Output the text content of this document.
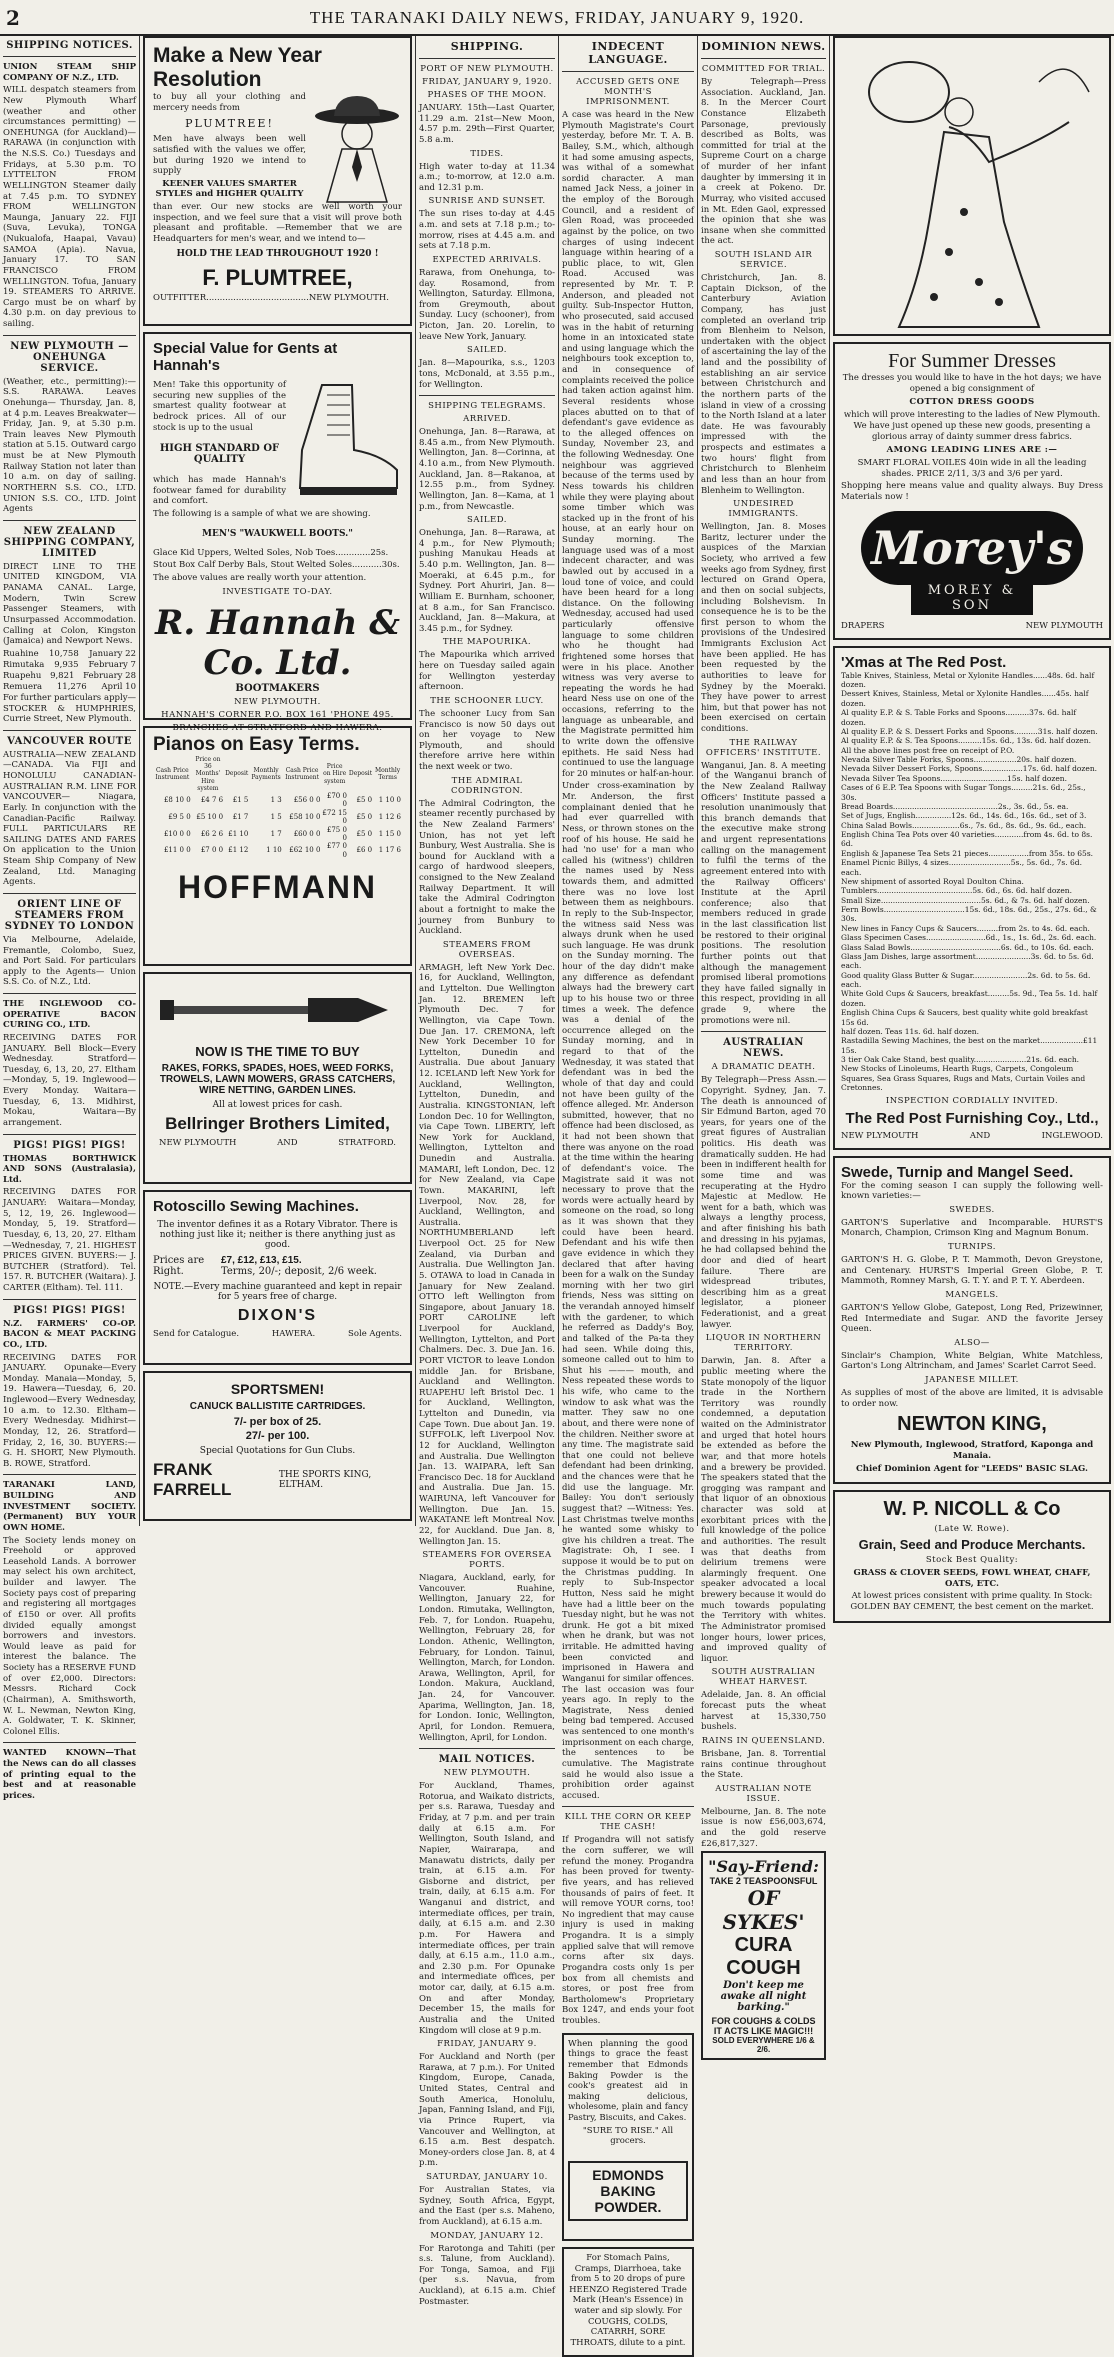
2	THE TARANAKI DAILY NEWS, FRIDAY, JANUARY 9, 1920.
SHIPPING NOTICES.

UNION STEAM SHIP COMPANY OF N.Z., LTD.

WILL despatch steamers from New Plymouth Wharf (weather and other circumstances permitting) — ONEHUNGA (for Auckland)— RARAWA (in conjunction with the N.S.S. Co.) Tuesdays and Fridays, at 5.30 p.m. TO LYTTELTON FROM WELLINGTON Steamer daily at 7.45 p.m. TO SYDNEY FROM WELLINGTON Maunga, January 22. FIJI (Suva, Levuka), TONGA (Nukualofa, Haapai, Vavau) SAMOA (Apia). Navua, January 17. TO SAN FRANCISCO FROM WELLINGTON. Tofua, January 19. STEAMERS TO ARRIVE. Cargo must be on wharf by 4.30 p.m. on day previous to sailing.

NEW PLYMOUTH — ONEHUNGA SERVICE.

(Weather, etc., permitting):— S.S. RARAWA. Leaves Onehunga— Thursday, Jan. 8, at 4 p.m. Leaves Breakwater— Friday, Jan. 9, at 5.30 p.m. Train leaves New Plymouth station at 5.15. Outward cargo must be at New Plymouth Railway Station not later than 10 a.m. on day of sailing. NORTHERN S.S. CO., LTD. UNION S.S. CO., LTD. Joint Agents

NEW ZEALAND SHIPPING COMPANY, LIMITED

DIRECT LINE TO THE UNITED KINGDOM, VIA PANAMA CANAL. Large, Modern, Twin Screw Passenger Steamers, with Unsurpassed Accommodation. Calling at Colon, Kingston (Jamaica) and Newport News.

Ruahine 10,758 January 22
Rimutaka 9,935 February 7
Ruapehu 9,821 February 28
Remuera 11,276 April 10

For further particulars apply— STOCKER & HUMPHRIES, Currie Street, New Plymouth.

VANCOUVER ROUTE

AUSTRALIA—NEW ZEALAND—CANADA. Via FIJI and HONOLULU CANADIAN-AUSTRALIAN R.M. LINE FOR VANCOUVER— Niagara, Early. In conjunction with the Canadian-Pacific Railway. FULL PARTICULARS RE SAILING DATES AND FARES On application to the Union Steam Ship Company of New Zealand, Ltd. Managing Agents.

ORIENT LINE OF STEAMERS FROM SYDNEY TO LONDON

Via Melbourne, Adelaide, Fremantle, Colombo, Suez, and Port Said. For particulars apply to the Agents— Union S.S. Co. of N.Z., Ltd.

THE INGLEWOOD CO-OPERATIVE BACON CURING CO., LTD.

RECEIVING DATES FOR JANUARY. Bell Block—Every Wednesday. Stratford—Tuesday, 6, 13, 20, 27. Eltham—Monday, 5, 19. Inglewood—Every Monday. Waitara—Tuesday, 6, 13. Midhirst, Mokau, Waitara—By arrangement.

PIGS! PIGS! PIGS!

THOMAS BORTHWICK AND SONS (Australasia), Ltd.

RECEIVING DATES FOR JANUARY: Waitara—Monday, 5, 12, 19, 26. Inglewood—Monday, 5, 19. Stratford—Tuesday, 6, 13, 20, 27. Eltham—Wednesday, 7, 21. HIGHEST PRICES GIVEN. BUYERS:— J. BUTCHER (Stratford). Tel. 157. R. BUTCHER (Waitara). J. CARTER (Eltham). Tel. 111.

PIGS! PIGS! PIGS!

N.Z. FARMERS' CO-OP. BACON & MEAT PACKING CO., LTD.

RECEIVING DATES FOR JANUARY. Opunake—Every Monday. Manaia—Monday, 5, 19. Hawera—Tuesday, 6, 20. Inglewood—Every Wednesday, 10 a.m. to 12.30. Eltham—Every Wednesday. Midhirst—Monday, 12, 26. Stratford—Friday, 2, 16, 30. BUYERS:— G. H. SHORT, New Plymouth. B. ROWE, Stratford.

TARANAKI LAND, BUILDING AND INVESTMENT SOCIETY. (Permanent) BUY YOUR OWN HOME.

The Society lends money on Freehold or approved Leasehold Lands. A borrower may select his own architect, builder and lawyer. The Society pays cost of preparing and registering all mortgages of £150 or over. All profits divided equally amongst borrowers and investors. Would leave as paid for interest the balance. The Society has a RESERVE FUND of over £2,000. Directors: Messrs. Richard Cock (Chairman), A. Smithsworth, W. L. Newman, Newton King, A. Goldwater, T. K. Skinner, Colonel Ellis.

WANTED KNOWN—That the News can do all classes of printing equal to the best and at reasonable prices.

Make a New Year Resolution

to buy all your clothing and mercery needs from

PLUMTREE!

Men have always been well satisfied with the values we offer, but during 1920 we intend to supply

KEENER VALUES SMARTER STYLES and HIGHER QUALITY

than ever. Our new stocks are well worth your inspection, and we feel sure that a visit will prove both pleasant and profitable. —Remember that we are Headquarters for men's wear, and we intend to—

HOLD THE LEAD THROUGHOUT 1920 !

F. PLUMTREE,

OUTFITTER......................................NEW PLYMOUTH.

Special Value for Gents at Hannah's

Men! Take this opportunity of securing new supplies of the smartest quality footwear at bedrock prices. All of our stock is up to the usual

HIGH STANDARD OF QUALITY

which has made Hannah's footwear famed for durability and comfort.

The following is a sample of what we are showing.

MEN'S "WAUKWELL BOOTS."

Glace Kid Uppers, Welted Soles, Nob Toes.............25s.

Stout Box Calf Derby Bals, Stout Welted Soles...........30s.

The above values are really worth your attention.

INVESTIGATE TO-DAY.

R. Hannah & Co. Ltd.

BOOTMAKERS

NEW PLYMOUTH.

HANNAH'S CORNER P.O. BOX 161 'PHONE 495.

BRANCHES AT STRATFORD AND HAWERA.

Pianos on Easy Terms.
Cash Price Instrument	Price on 36 Months' Hire system	Deposit	Monthly Payments	Cash Price Instrument	Price on Hire system	Deposit	Monthly Terms
£8 10 0	£4 7 6	£1 5	1 3	£56 0 0	£70 0 0	£5 0	1 10 0
£9 5 0	£5 10 0	£1 7	1 5	£58 10 0	£72 15 0	£5 0	1 12 6
£10 0 0	£6 2 6	£1 10	1 7	£60 0 0	£75 0 0	£5 0	1 15 0
£11 0 0	£7 0 0	£1 12	1 10	£62 10 0	£77 0 0	£6 0	1 17 6

HOFFMANN

NOW IS THE TIME TO BUY

RAKES, FORKS, SPADES, HOES, WEED FORKS, TROWELS, LAWN MOWERS, GRASS CATCHERS, WIRE NETTING, GARDEN LINES.

All at lowest prices for cash.

Bellringer Brothers Limited,

NEW PLYMOUTH	AND	STRATFORD.
Rotoscillo Sewing Machines.

The inventor defines it as a Rotary Vibrator. There is nothing just like it; neither is there anything just as good.

Prices are Right.
£7, £12, £13, £15.
Terms, 20/-; deposit, 2/6 week.

NOTE.—Every machine guaranteed and kept in repair for 5 years free of charge.

DIXON'S

Send for Catalogue.	HAWERA.	Sole Agents.

SPORTSMEN!

CANUCK BALLISTITE CARTRIDGES.

7/- per box of 25.

27/- per 100.

Special Quotations for Gun Clubs.

FRANK FARRELL
THE SPORTS KING, ELTHAM.
SHIPPING.

PORT OF NEW PLYMOUTH.

FRIDAY, JANUARY 9, 1920.

PHASES OF THE MOON.

JANUARY. 15th—Last Quarter, 11.29 a.m. 21st—New Moon, 4.57 p.m. 29th—First Quarter, 5.8 a.m.

TIDES.

High water to-day at 11.34 a.m.; to-morrow, at 12.0 a.m. and 12.31 p.m.

SUNRISE AND SUNSET.

The sun rises to-day at 4.45 a.m. and sets at 7.18 p.m.; to-morrow, rises at 4.45 a.m. and sets at 7.18 p.m.

EXPECTED ARRIVALS.

Rarawa, from Onehunga, to-day. Rosamond, from Wellington, Saturday. Ellmona, from Greymouth, about Sunday. Lucy (schooner), from Picton, Jan. 20. Lorelin, to leave New York, January.

SAILED.

Jan. 8—Mapourika, s.s., 1203 tons, McDonald, at 3.55 p.m., for Wellington.

SHIPPING TELEGRAMS.

ARRIVED.

Onehunga, Jan. 8—Rarawa, at 8.45 a.m., from New Plymouth. Wellington, Jan. 8—Corinna, at 4.10 a.m., from New Plymouth. Auckland, Jan. 8—Rakanoa, at 12.55 p.m., from Sydney. Wellington, Jan. 8—Kama, at 1 p.m., from Newcastle.

SAILED.

Onehunga, Jan. 8—Rarawa, at 4 p.m., for New Plymouth; pushing Manukau Heads at 5.40 p.m. Wellington, Jan. 8—Moeraki, at 6.45 p.m., for Sydney. Port Ahuriri, Jan. 8—William E. Burnham, schooner, at 8 a.m., for San Francisco. Auckland, Jan. 8—Makura, at 3.45 p.m., for Sydney.

THE MAPOURIKA.

The Mapourika which arrived here on Tuesday sailed again for Wellington yesterday afternoon.

THE SCHOONER LUCY.

The schooner Lucy from San Francisco is now 50 days out on her voyage to New Plymouth, and should therefore arrive here within the next week or two.

THE ADMIRAL CODRINGTON.

The Admiral Codrington, the steamer recently purchased by the New Zealand Farmers' Union, has not yet left Bunbury, West Australia. She is bound for Auckland with a cargo of hardwood sleepers, consigned to the New Zealand Railway Department. It will take the Admiral Codrington about a fortnight to make the journey from Bunbury to Auckland.

STEAMERS FROM OVERSEAS.

ARMAGH, left New York Dec. 16, for Auckland, Wellington, and Lyttelton. Due Wellington Jan. 12. BREMEN left Plymouth Dec. 7 for Wellington, via Cape Town. Due Jan. 17. CREMONA, left New York December 10 for Lyttelton, Dunedin and Australia. Due about January 12. ICELAND left New York for Auckland, Wellington, Lyttelton, Dunedin, and Australia. KINGSTONIAN, left London Dec. 10 for Wellington, via Cape Town. LIBERTY, left New York for Auckland, Wellington, Lyttelton and Dunedin and Australia. MAMARI, left London, Dec. 12 for New Zealand, via Cape Town. MAKARINI, left Liverpool, Nov. 28, for Auckland, Wellington, and Australia. NORTHUMBERLAND left Liverpool Oct. 25 for New Zealand, via Durban and Australia. Due Wellington Jan. 5. OTAWA to load in Canada in January for New Zealand. OTTO left Wellington from Singapore, about January 18. PORT CAROLINE left Liverpool for Auckland, Wellington, Lyttelton, and Port Chalmers. Dec. 3. Due Jan. 16. PORT VICTOR to leave London middle Jan. for Brisbane, Auckland and Wellington. RUAPEHU left Bristol Dec. 1 for Auckland, Wellington, Lyttelton and Dunedin, via Cape Town. Due about Jan. 19. SUFFOLK, left Liverpool Nov. 12 for Auckland, Wellington and Australia. Due Wellington Jan. 13. WAIPARA, left San Francisco Dec. 18 for Auckland and Australia. Due Jan. 15. WAIRUNA, left Vancouver for Wellington. Due Jan. 15. WAKATANE left Montreal Nov. 22, for Auckland. Due Jan. 8, Wellington Jan. 15.

STEAMERS FOR OVERSEA PORTS.

Niagara, Auckland, early, for Vancouver. Ruahine, Wellington, January 22, for London. Rimutaka, Wellington, Feb. 7, for London. Ruapehu, Wellington, February 28, for London. Athenic, Wellington, February, for London. Tainui, Wellington, March, for London. Arawa, Wellington, April, for London. Makura, Auckland, Jan. 24, for Vancouver. Aparima, Wellington, Jan. 18, for London. Ionic, Wellington, April, for London. Remuera, Wellington, April, for London.

MAIL NOTICES.

NEW PLYMOUTH.

For Auckland, Thames, Rotorua, and Waikato districts, per s.s. Rarawa, Tuesday and Friday, at 7 p.m. and per train daily at 6.15 a.m. For Wellington, South Island, and Napier, Wairarapa, and Manawatu districts, daily per train, at 6.15 a.m. For Gisborne and district, per train, daily, at 6.15 a.m. For Wanganui and district, and intermediate offices, per train, daily, at 6.15 a.m. and 2.30 p.m. For Hawera and intermediate offices, per train daily, at 6.15 a.m., 11.0 a.m., and 2.30 p.m. For Opunake and intermediate offices, per motor car, daily, at 6.15 a.m. On and after Monday, December 15, the mails for Australia and the United Kingdom will close at 9 p.m.

FRIDAY, JANUARY 9.

For Auckland and North (per Rarawa, at 7 p.m.). For United Kingdom, Europe, Canada, United States, Central and South America, Honolulu, Japan, Fanning Island, and Fiji, via Prince Rupert, via Vancouver and Wellington, at 6.15 a.m. Best despatch. Money-orders close Jan. 8, at 4 p.m.

SATURDAY, JANUARY 10.

For Australian States, via Sydney, South Africa, Egypt, and the East (per s.s. Maheno, from Auckland), at 6.15 a.m.

MONDAY, JANUARY 12.

For Rarotonga and Tahiti (per s.s. Talune, from Auckland). For Tonga, Samoa, and Fiji (per s.s. Navua, from Auckland), at 6.15 a.m. Chief Postmaster.

INDECENT LANGUAGE.

ACCUSED GETS ONE MONTH'S IMPRISONMENT.

A case was heard in the New Plymouth Magistrate's Court yesterday, before Mr. T. A. B. Bailey, S.M., which, although it had some amusing aspects, was withal of a somewhat sordid character. A man named Jack Ness, a joiner in the employ of the Borough Council, and a resident of Glen Road, was proceeded against by the police, on two charges of using indecent language within hearing of a public place, to wit, Glen Road. Accused was represented by Mr. T. P. Anderson, and pleaded not guilty. Sub-Inspector Hutton, who prosecuted, said accused was in the habit of returning home in an intoxicated state and using language which the neighbours took exception to, and in consequence of complaints received the police had taken action against him. Several residents whose places abutted on to that of defendant's gave evidence as to the alleged offences on Sunday, November 23, and the following Wednesday. One neighbour was aggrieved because of the terms used by Ness towards his children while they were playing about some timber which was stacked up in the front of his house, at an early hour on Sunday morning. The language used was of a most indecent character, and was bawled out by accused in a loud tone of voice, and could have been heard for a long distance. On the following Wednesday, accused had used particularly offensive language to some children who he thought had frightened some horses that were in his place. Another witness was very averse to repeating the words he had heard Ness use on one of the occasions, referring to the language as unbearable, and the Magistrate permitted him to write down the offensive epithets. He said Ness had continued to use the language for 20 minutes or half-an-hour.

Under cross-examination by Mr. Anderson, the first complainant denied that he had ever quarrelled with Ness, or thrown stones on the roof of his house. He said he had 'no use' for a man who called his (witness') children the names used by Ness towards them, and admitted there was no love lost between them as neighbours. In reply to the Sub-Inspector, the witness said Ness was always drunk when he used such language. He was drunk on the Sunday morning. The hour of the day didn't make any difference as defendant always had the brewery cart up to his house two or three times a week. The defence was a denial of the occurrence alleged on the Sunday morning, and in regard to that of the Wednesday, it was stated that defendant was in bed the whole of that day and could not have been guilty of the offence alleged. Mr. Anderson submitted, however, that no offence had been disclosed, as it had not been shown that there was anyone on the road at the time within the hearing of defendant's voice. The Magistrate said it was not necessary to prove that the words were actually heard by someone on the road, so long as it was shown that they could have been heard. Defendant and his wife then gave evidence in which they declared that after having been for a walk on the Sunday morning with her two girl friends, Ness was sitting on the verandah annoyed himself with the gardener, to which he referred as Daddy's Boy, and talked of the Pa-ta they had seen. While doing this, someone called out to him to Shut his ——— mouth, and Ness repeated these words to his wife, who came to the window to ask what was the matter. They saw no one about, and there were none of the children. Neither swore at any time. The magistrate said that one could not believe defendant had been drinking, and the chances were that he did use the language. Mr. Bailey: You don't seriously suggest that? —Witness: Yes. Last Christmas twelve months he wanted some whisky to give his children a treat. The Magistrate: Oh, I see. I suppose it would be to put on the Christmas pudding. In reply to Sub-Inspector Hutton, Ness said he might have had a little beer on the Tuesday night, but he was not drunk. He got a bit mixed when he drank, but was not irritable. He admitted having been convicted and imprisoned in Hawera and Wanganui for similar offences. The last occasion was four years ago. In reply to the Magistrate, Ness denied being bad tempered. Accused was sentenced to one month's imprisonment on each charge, the sentences to be cumulative. The Magistrate said he would also issue a prohibition order against accused.

KILL THE CORN OR KEEP THE CASH!

If Progandra will not satisfy the corn sufferer, we will refund the money. Progandra has been proved for twenty-five years, and has relieved thousands of pairs of feet. It will remove YOUR corns, too! No ingredient that may cause injury is used in making Progandra. It is a simply applied salve that will remove corns after six days. Progandra costs only 1s per box from all chemists and stores, or post free from Bartholomew's Proprietary Box 1247, and ends your foot troubles.

When planning the good things to grace the feast remember that Edmonds Baking Powder is the cook's greatest aid in making delicious, wholesome, plain and fancy Pastry, Biscuits, and Cakes.

"SURE TO RISE." All grocers.

EDMONDS BAKING POWDER.

For Stomach Pains, Cramps, Diarrhoea, take from 5 to 20 drops of pure HEENZO Registered Trade Mark (Hean's Essence) in water and sip slowly. For COUGHS, COLDS, CATARRH, SORE THROATS, dilute to a pint.

DOMINION NEWS.

COMMITTED FOR TRIAL.

By Telegraph—Press Association. Auckland, Jan. 8. In the Mercer Court Constance Elizabeth Parsonage, previously described as Bolts, was committed for trial at the Supreme Court on a charge of murder of her infant daughter by immersing it in a creek at Pokeno. Dr. Murray, who visited accused in Mt. Eden Gaol, expressed the opinion that she was insane when she committed the act.

SOUTH ISLAND AIR SERVICE.

Christchurch, Jan. 8. Captain Dickson, of the Canterbury Aviation Company, has just completed an overland trip from Blenheim to Nelson, undertaken with the object of ascertaining the lay of the land and the possibility of establishing an air service between Christchurch and the northern parts of the island in view of a crossing to the North Island at a later date. He was favourably impressed with the prospects and estimates a two hours' flight from Christchurch to Blenheim and less than an hour from Blenheim to Wellington.

UNDESIRED IMMIGRANTS.

Wellington, Jan. 8. Moses Baritz, lecturer under the auspices of the Marxian Society, who arrived a few weeks ago from Sydney, first lectured on Grand Opera, and then on social subjects, including Bolshevism. In consequence he is to be the first person to whom the provisions of the Undesired Immigrants Exclusion Act have been applied. He has been requested by the authorities to leave for Sydney by the Moeraki. They have power to arrest him, but that power has not been exercised on certain conditions.

THE RAILWAY OFFICERS' INSTITUTE.

Wanganui, Jan. 8. A meeting of the Wanganui branch of the New Zealand Railway Officers' Institute passed a resolution unanimously that this branch demands that the executive make strong and urgent representations calling on the management to fulfil the terms of the agreement entered into with the Railway Officers' Institute at the April conference; also that members reduced in grade in the last classification list be restored to their original positions. The resolution further points out that although the management promised liberal promotions they have failed signally in this respect, providing in all grade 9, where the promotions were nil.

AUSTRALIAN NEWS.

A DRAMATIC DEATH.

By Telegraph—Press Assn.—Copyright. Sydney, Jan. 7. The death is announced of Sir Edmund Barton, aged 70 years, for years one of the great figures of Australian politics. His death was dramatically sudden. He had been in indifferent health for some time and was recuperating at the Hydro Majestic at Medlow. He went for a bath, which was always a lengthy process, and after finishing his bath and dressing in his pyjamas, he had collapsed behind the door and died of heart failure. There are widespread tributes, describing him as a great legislator, a pioneer Federationist, and a great lawyer.

LIQUOR IN NORTHERN TERRITORY.

Darwin, Jan. 8. After a public meeting where the State monopoly of the liquor trade in the Northern Territory was roundly condemned, a deputation waited on the Administrator and urged that hotel hours be extended as before the war, and that more hotels and a brewery be provided. The speakers stated that the grogging was rampant and that liquor of an obnoxious character was sold at exorbitant prices with the full knowledge of the police and authorities. The result was that deaths from delirium tremens were alarmingly frequent. One speaker advocated a local brewery because it would do much towards populating the Territory with whites. The Administrator promised longer hours, lower prices, and improved quality of liquor.

SOUTH AUSTRALIAN WHEAT HARVEST.

Adelaide, Jan. 8. An official forecast puts the wheat harvest at 15,330,750 bushels.

RAINS IN QUEENSLAND.

Brisbane, Jan. 8. Torrential rains continue throughout the State.

AUSTRALIAN NOTE ISSUE.

Melbourne, Jan. 8. The note issue is now £56,003,674, and the gold reserve £26,817,327.

"Say-Friend:
TAKE 2 TEASPOONSFUL
OF SYKES'
CURA COUGH
Don't keep me awake all night barking."
FOR COUGHS & COLDS
IT ACTS LIKE MAGIC!!!
SOLD EVERYWHERE 1/6 & 2/6.
For Summer Dresses

The dresses you would like to have in the hot days; we have opened a big consignment of

COTTON DRESS GOODS

which will prove interesting to the ladies of New Plymouth. We have just opened up these new goods, presenting a glorious array of dainty summer dress fabrics.

AMONG LEADING LINES ARE :—

SMART FLORAL VOILES 40in wide in all the leading shades. PRICE 2/11, 3/3 and 3/6 per yard.

Shopping here means value and quality always. Buy Dress Materials now !

Morey's
MOREY & SON
DRAPERS	NEW PLYMOUTH
'Xmas at The Red Post.

Table Knives, Stainless, Metal or Xylonite Handles......48s. 6d. half dozen.

Dessert Knives, Stainless, Metal or Xylonite Handles......45s. half dozen.

Al quality E.P. & S. Table Forks and Spoons..........37s. 6d. half dozen.

Al quality E.P. & S. Dessert Forks and Spoons..........31s. half dozen.

Al quality E.P. & S. Tea Spoons..........15s. 6d., 13s. 6d. half dozen.

All the above lines post free on receipt of P.O.

Nevada Silver Table Forks, Spoons..................20s. half dozen.

Nevada Silver Dessert Forks, Spoons.................17s. 6d. half dozen.

Nevada Silver Tea Spoons............................15s. half dozen.

Cases of 6 E.P. Tea Spoons with Sugar Tongs.........21s. 6d., 25s., 30s.

Bread Boards............................................2s., 3s. 6d., 5s. ea.

Set of Jugs, English...............12s. 6d., 14s. 6d., 16s. 6d., set of 3.

China Salad Bowls....................6s., 7s. 6d., 8s. 6d., 9s. 6d., each.

English China Tea Pots over 40 varieties............from 4s. 6d. to 8s. 6d.

English & Japanese Tea Sets 21 pieces.................from 35s. to 65s.

Enamel Picnic Billys, 4 sizes..........................5s., 5s. 6d., 7s. 6d. each.

New shipment of assorted Royal Doulton China.

Tumblers........................................5s. 6d., 6s. 6d. half dozen.

Small Size..........................................5s. 6d., & 7s. 6d. half dozen.

Fern Bowls..................................15s. 6d., 18s. 6d., 25s., 27s. 6d., & 30s.

New lines in Fancy Cups & Saucers.........from 2s. to 4s. 6d. each.

Glass Specimen Cases.........................6d., 1s., 1s. 6d., 2s. 6d. each.

Glass Salad Bowls......................................6s. 6d., to 10s. 6d. each.

Glass Jam Dishes, large assortment.......................3s. 6d. to 5s. 6d. each.

Good quality Glass Butter & Sugar.......................2s. 6d. to 5s. 6d. each.

White Gold Cups & Saucers, breakfast.........5s. 9d., Tea 5s. 1d. half dozen.

English China Cups & Saucers, best quality white gold breakfast 15s 6d.

half dozen. Teas 11s. 6d. half dozen.

Rastadilla Sewing Machines, the best on the market..................£11 15s.

3 tier Oak Cake Stand, best quality......................21s. 6d. each.

New Stocks of Linoleums, Hearth Rugs, Carpets, Congoleum Squares, Sea Grass Squares, Rugs and Mats, Curtain Voiles and Cretonnes.

INSPECTION CORDIALLY INVITED.

The Red Post Furnishing Coy., Ltd.,

NEW PLYMOUTH	AND	INGLEWOOD.
Swede, Turnip and Mangel Seed.

For the coming season I can supply the following well-known varieties:—

SWEDES.

GARTON'S Superlative and Incomparable. HURST'S Monarch, Champion, Crimson King and Magnum Bonum.

TURNIPS.

GARTON'S H. G. Globe, P. T. Mammoth, Devon Greystone, and Centenary. HURST'S Imperial Green Globe, P. T. Mammoth, Romney Marsh, G. T. Y. and P. T. Y. Aberdeen.

MANGELS.

GARTON'S Yellow Globe, Gatepost, Long Red, Prizewinner, Red Intermediate and Sugar. AND the favorite Jersey Queen.

ALSO—

Sinclair's Champion, White Belgian, White Matchless, Garton's Long Altrincham, and James' Scarlet Carrot Seed.

JAPANESE MILLET.

As supplies of most of the above are limited, it is advisable to order now.

NEWTON KING,

New Plymouth, Inglewood, Stratford, Kaponga and Manaia.

Chief Dominion Agent for "LEEDS" BASIC SLAG.

W. P. NICOLL & Co

(Late W. Rowe).

Grain, Seed and Produce Merchants.

Stock Best Quality:

GRASS & CLOVER SEEDS, FOWL WHEAT, CHAFF, OATS, ETC.

At lowest prices consistent with prime quality. In Stock: GOLDEN BAY CEMENT, the best cement on the market.
